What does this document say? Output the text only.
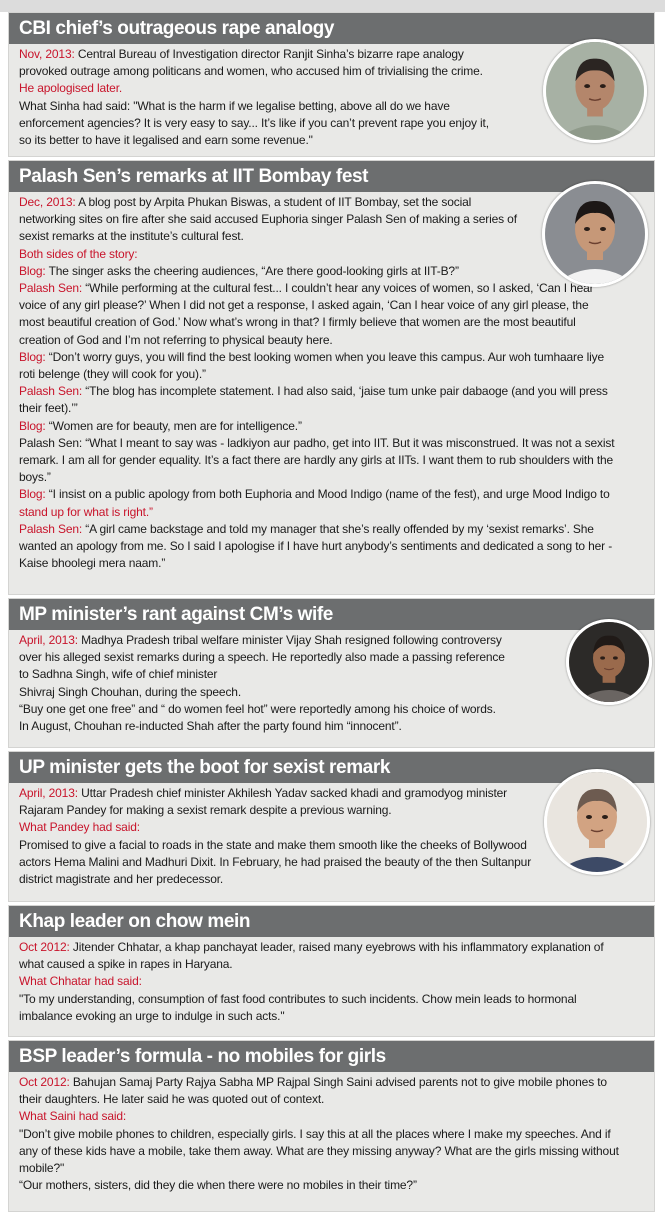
CBI chief’s outrageous rape analogy

Nov, 2013: Central Bureau of Investigation director Ranjit Sinha’s bizarre rape analogy

provoked outrage among politicans and women, who accused him of trivialising the crime.

He apologised later.

What Sinha had said: "What is the harm if we legalise betting, above all do we have

enforcement agencies? It is very easy to say... It’s like if you can’t prevent rape you enjoy it,

so its better to have it legalised and earn some revenue."

Palash Sen’s remarks at IIT Bombay fest

Dec, 2013: A blog post by Arpita Phukan Biswas, a student of IIT Bombay, set the social

networking sites on fire after she said accused Euphoria singer Palash Sen of making a series of

sexist remarks at the institute’s cultural fest.

Both sides of the story:

Blog: The singer asks the cheering audiences, “Are there good-looking girls at IIT-B?”

Palash Sen: “While performing at the cultural fest... I couldn’t hear any voices of women, so I asked, ‘Can I hear

voice of any girl please?’ When I did not get a response, I asked again, ‘Can I hear voice of any girl please, the

most beautiful creation of God.’ Now what’s wrong in that? I firmly believe that women are the most beautiful

creation of God and I’m not referring to physical beauty here.

Blog: “Don’t worry guys, you will find the best looking women when you leave this campus. Aur woh tumhaare liye

roti belenge (they will cook for you).”

Palash Sen: “The blog has incomplete statement. I had also said, ‘jaise tum unke pair dabaoge (and you will press

their feet).’”

Blog: “Women are for beauty, men are for intelligence.”

Palash Sen: “What I meant to say was - ladkiyon aur padho, get into IIT. But it was misconstrued. It was not a sexist

remark. I am all for gender equality. It’s a fact there are hardly any girls at IITs. I want them to rub shoulders with the

boys.”

Blog: “I insist on a public apology from both Euphoria and Mood Indigo (name of the fest), and urge Mood Indigo to

stand up for what is right.”

Palash Sen: “A girl came backstage and told my manager that she’s really offended by my ‘sexist remarks’. She

wanted an apology from me. So I said I apologise if I have hurt anybody’s sentiments and dedicated a song to her -

Kaise bhoolegi mera naam.”

MP minister’s rant against CM’s wife

April, 2013: Madhya Pradesh tribal welfare minister Vijay Shah resigned following controversy

over his alleged sexist remarks during a speech. He reportedly also made a passing reference

to Sadhna Singh, wife of chief minister

Shivraj Singh Chouhan, during the speech.

“Buy one get one free” and “ do women feel hot” were reportedly among his choice of words.

In August, Chouhan re-inducted Shah after the party found him “innocent”.

UP minister gets the boot for sexist remark

April, 2013: Uttar Pradesh chief minister Akhilesh Yadav sacked khadi and gramodyog minister

Rajaram Pandey for making a sexist remark despite a previous warning.

What Pandey had said:

Promised to give a facial to roads in the state and make them smooth like the cheeks of Bollywood

actors Hema Malini and Madhuri Dixit. In February, he had praised the beauty of the then Sultanpur

district magistrate and her predecessor.

Khap leader on chow mein

Oct 2012: Jitender Chhatar, a khap panchayat leader, raised many eyebrows with his inflammatory explanation of

what caused a spike in rapes in Haryana.

What Chhatar had said:

"To my understanding, consumption of fast food contributes to such incidents. Chow mein leads to hormonal

imbalance evoking an urge to indulge in such acts."

BSP leader’s formula - no mobiles for girls

Oct 2012: Bahujan Samaj Party Rajya Sabha MP Rajpal Singh Saini advised parents not to give mobile phones to

their daughters. He later said he was quoted out of context.

What Saini had said:

"Don’t give mobile phones to children, especially girls. I say this at all the places where I make my speeches. And if

any of these kids have a mobile, take them away. What are they missing anyway? What are the girls missing without

mobile?"

“Our mothers, sisters, did they die when there were no mobiles in their time?”
